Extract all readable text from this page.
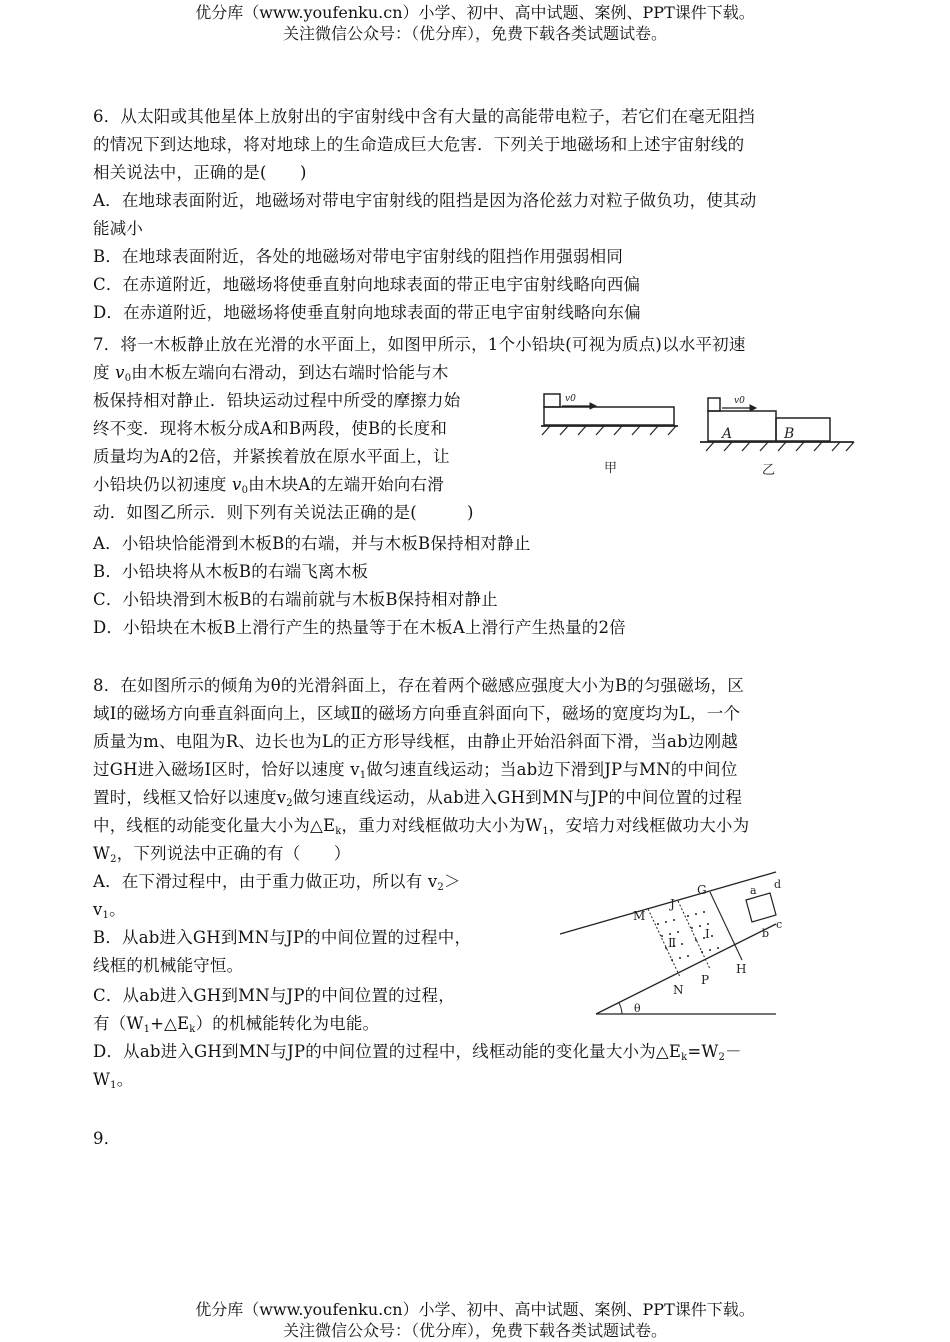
优分库（www.youfenku.cn）小学、初中、高中试题、案例、PPT课件下载。
关注微信公众号：（优分库），免费下载各类试题试卷。
6．从太阳或其他星体上放射出的宇宙射线中含有大量的高能带电粒子，若它们在毫无阻挡
的情况下到达地球，将对地球上的生命造成巨大危害．下列关于地磁场和上述宇宙射线的
相关说法中，正确的是(　　)
A．在地球表面附近，地磁场对带电宇宙射线的阻挡是因为洛伦兹力对粒子做负功，使其动
能减小
B．在地球表面附近，各处的地磁场对带电宇宙射线的阻挡作用强弱相同
C．在赤道附近，地磁场将使垂直射向地球表面的带正电宇宙射线略向西偏
D．在赤道附近，地磁场将使垂直射向地球表面的带正电宇宙射线略向东偏
7．将一木板静止放在光滑的水平面上，如图甲所示，1个小铅块(可视为质点)以水平初速
度 $v_0$由木板左端向右滑动，到达右端时恰能与木
板保持相对静止．铅块运动过程中所受的摩擦力始
终不变．现将木板分成A和B两段，使B的长度和
质量均为A的2倍，并紧挨着放在原水平面上，让
小铅块仍以初速度 $v_0$由木块A的左端开始向右滑
动．如图乙所示．则下列有关说法正确的是(　　　)
A．小铅块恰能滑到木板B的右端，并与木板B保持相对静止
B．小铅块将从木板B的右端飞离木板
C．小铅块滑到木板B的右端前就与木板B保持相对静止
D．小铅块在木板B上滑行产生的热量等于在木板A上滑行产生热量的2倍
v0
甲
v0
A	B
乙
8．在如图所示的倾角为θ的光滑斜面上，存在着两个磁感应强度大小为B的匀强磁场，区
域Ⅰ的磁场方向垂直斜面向上，区域Ⅱ的磁场方向垂直斜面向下，磁场的宽度均为L，一个
质量为m、电阻为R、边长也为L的正方形导线框，由静止开始沿斜面下滑，当ab边刚越
过GH进入磁场Ⅰ区时，恰好以速度 $v_1$做匀速直线运动；当ab边下滑到JP与MN的中间位
置时，线框又恰好以速度$v_2$做匀速直线运动，从ab进入GH到MN与JP的中间位置的过程
中，线框的动能变化量大小为$\triangle E_k$，重力对线框做功大小为$W_1$，安培力对线框做功大小为
$W_2$，下列说法中正确的有（　　）
A．在下滑过程中，由于重力做正功，所以有 $v_2>$
$v_1$。
B．从ab进入GH到MN与JP的中间位置的过程中，
线框的机械能守恒。
C．从ab进入GH到MN与JP的中间位置的过程，
有$(W_1+\triangle E_k)$的机械能转化为电能。
D．从ab进入GH到MN与JP的中间位置的过程中，线框动能的变化量大小为$\triangle E_k=W_2-$
$W_1$。
θ
Ⅱ
Ⅰ
M
J
G
N
P
H
a d
b
c
9．
优分库（www.youfenku.cn）小学、初中、高中试题、案例、PPT课件下载。
关注微信公众号：（优分库），免费下载各类试题试卷。
